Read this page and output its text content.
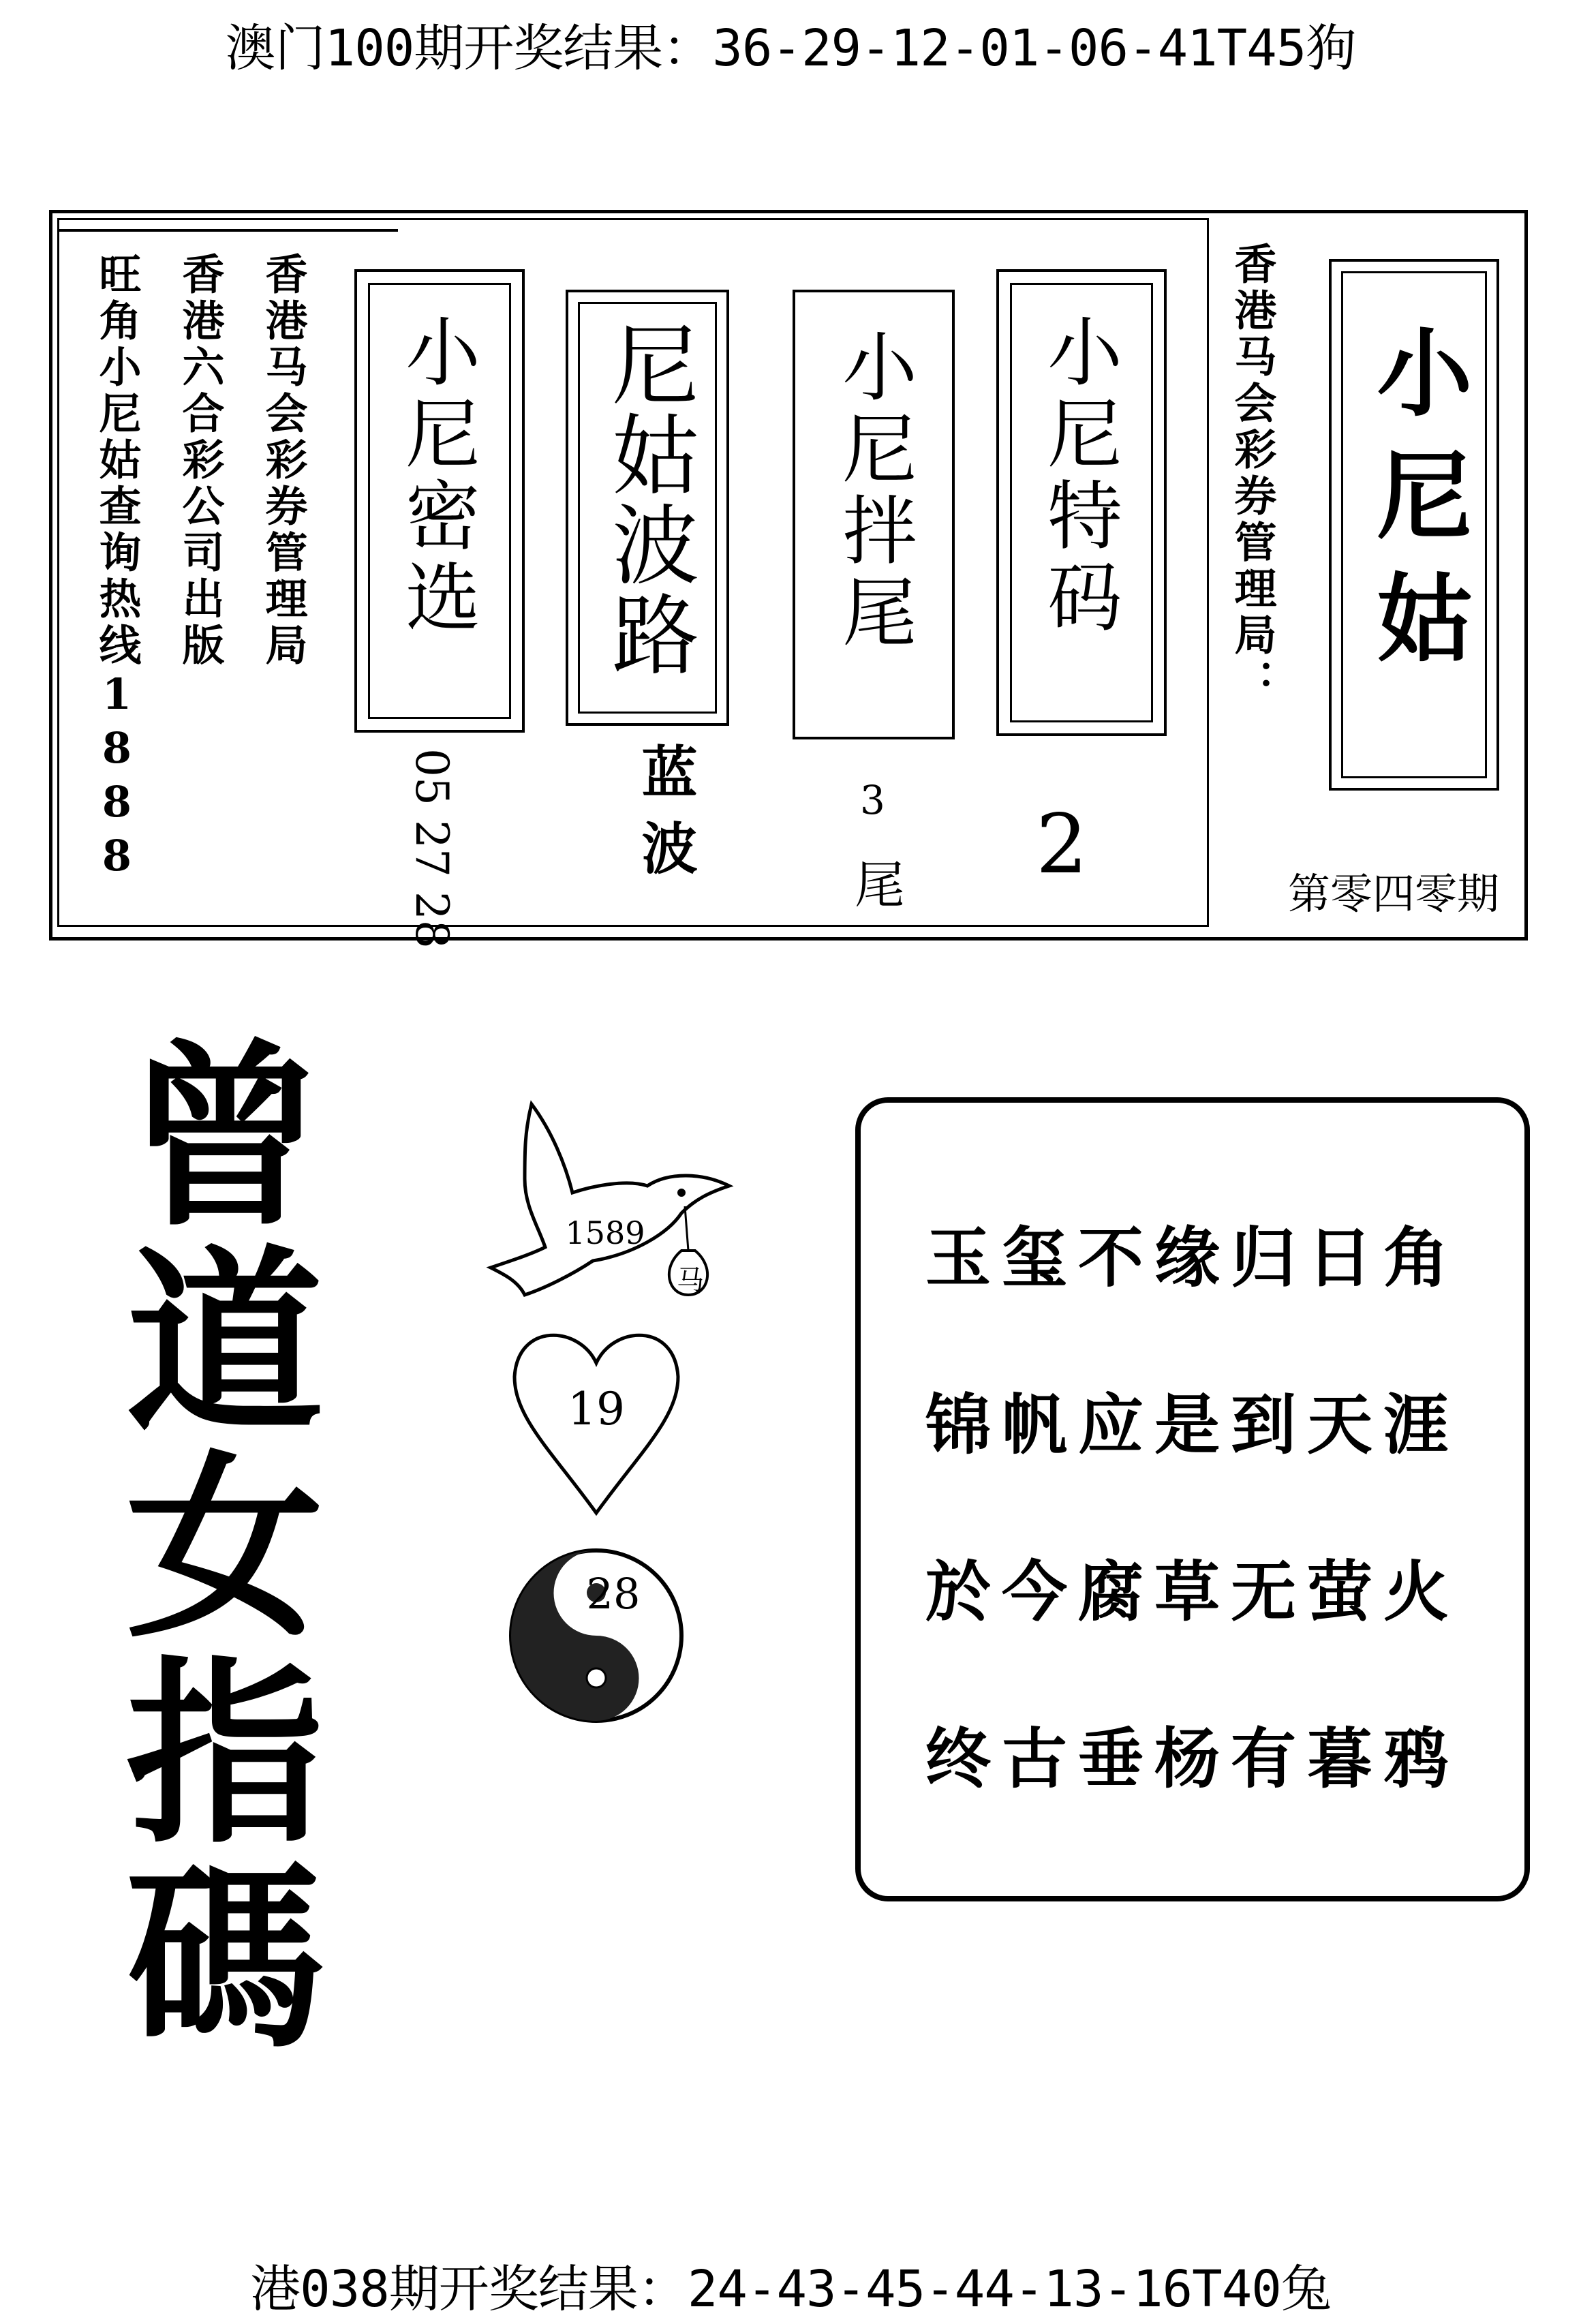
澳门100期开奖结果：36-29-12-01-06-41T45狗
旺角小尼姑查询热线1888 香港六合彩公司出版 香港马会彩券管理局 小尼密选
05 27 28
尼姑波路
蓝波
小尼拌尾
3
尾
小尼特码
2
香港马会彩券管理局： 小尼姑
第零四零期
曾
道
女
指
碼
1589
马
19
28
玉玺不缘归日角
锦帆应是到天涯
於今腐草无萤火
终古垂杨有暮鸦
港038期开奖结果：24-43-45-44-13-16T40兔
